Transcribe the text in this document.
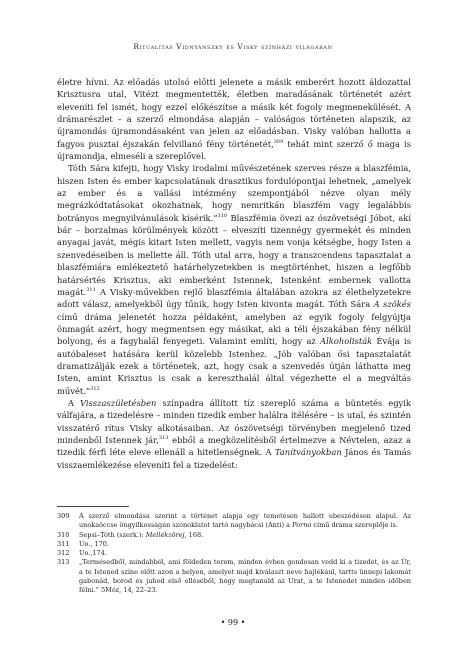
Ritualitás Vidnyánszky és Visky színházi világában

életre hívni. Az előadás utolsó előtti jelenete a másik emberért hozott áldozattal Krisztusra utal, Vitézt megmentették, életben maradásának történetét azért eleveníti fel ismét, hogy ezzel előkészítse a másik két fogoly megmenekülését. A drámarészlet – a szerző elmondása alapján – valóságos történeten alapszik, az újramondás újramondásaként van jelen az előadásban. Visky valóban hallotta a fagyos pusztai éjszakán felvillanó fény történetét,$^{309}$ tehát mint szerző ő maga is újramondja, elmeséli a szereplővel.

Tóth Sára kifejti, hogy Visky irodalmi művészetének szerves része a blaszfémia, hiszen Isten és ember kapcsolatának drasztikus fordulópontjai lehetnek, „amelyek az ember és a vallási intézmény szempontjából nézve olyan mély megrázkódtatásokat okozhatnak, hogy nemritkán blaszfém vagy legalábbis botrányos megnyilvánulások kísérik.”$^{310}$ Blaszfémia övezi az ószövetségi Jóbot, akí bár – borzalmas körülmények között – elveszíti tizennégy gyermekét és minden anyagai javát, mégis kitart Isten mellett, vagyis nem vonja kétségbe, hogy Isten a szenvedéseiben is mellette áll. Tóth utal arra, hogy a transzcendens tapasztalat a blaszfémiára emlékeztető határhelyzetekben is megtörténhet, hiszen a legfőbb határsértés Krisztus, aki emberként Istennek, Istenként embernek vallotta magát.$^{311}$ A Visky-művekben rejlő blaszfémia általában azokra az élethelyzetekre adott válasz, amelyekből úgy tűnik, hogy Isten kivonta magát. Tóth Sára A szökés című dráma jelenetét hozza példaként, amelyben az egyik fogoly felgyújtja önmagát azért, hogy megmentsen egy másikat, aki a téli éjszakában fény nélkül bolyong, és a fagyhalál fenyegeti. Valamint említi, hogy az Alkoholisták Évája is autóbaleset hatására kerül közelebb Istenhez. „Jób valóban ősi tapasztalatát dramatizálják ezek a történetek, azt, hogy csak a szenvedés útján láthatta meg Isten, amint Krisztus is csak a kereszthalál által végezhette el a megváltás művét.”$^{312}$

A Visszaszületésben színpadra állított tíz szereplő száma a büntetés egyik válfajára, a tizedelésre – minden tizedik ember halálra ítélésére – is utal, és szintén visszatérő rítus Visky alkotásaiban. Az ószövetségi törvényben megjelenő tized mindenből Istennek jár,$^{313}$ ebből a megközelítésből értelmezve a Névtelen, azaz a tizedik férfi léte eleve ellenáll a hitetlenségnek. A Tanítványokban János és Tamás visszaemlékezése eleveníti fel a tizedelést:

309	A szerző elmondása szerint a történet alapja egy temetésen hallott ebeszédésen alapul. Az unokaöccse öngyilkosságán szónoklatot tartó nagybácsi (Anti) a Pornó című dráma szereplője is.
310	Sepsi–Tóth (szerk.): Mellékzörej, 168.
311	Uo., 170.
312	Uo.,174.
313	„Termésedből, mindabból, ami földeden terem, minden évben gondosan vedd ki a tizedet, és az Úr, a te Istened színe előtt azon a helyen, amelyet majd kiválaszt neve hajlékául, tartts ünnepi lakomát gabonád, borod és juhod első elléséből, hogy megtanuld az Urat, a te Istenedet minden időben félni.” 5Móz, 14, 22–23.
• 99 •
